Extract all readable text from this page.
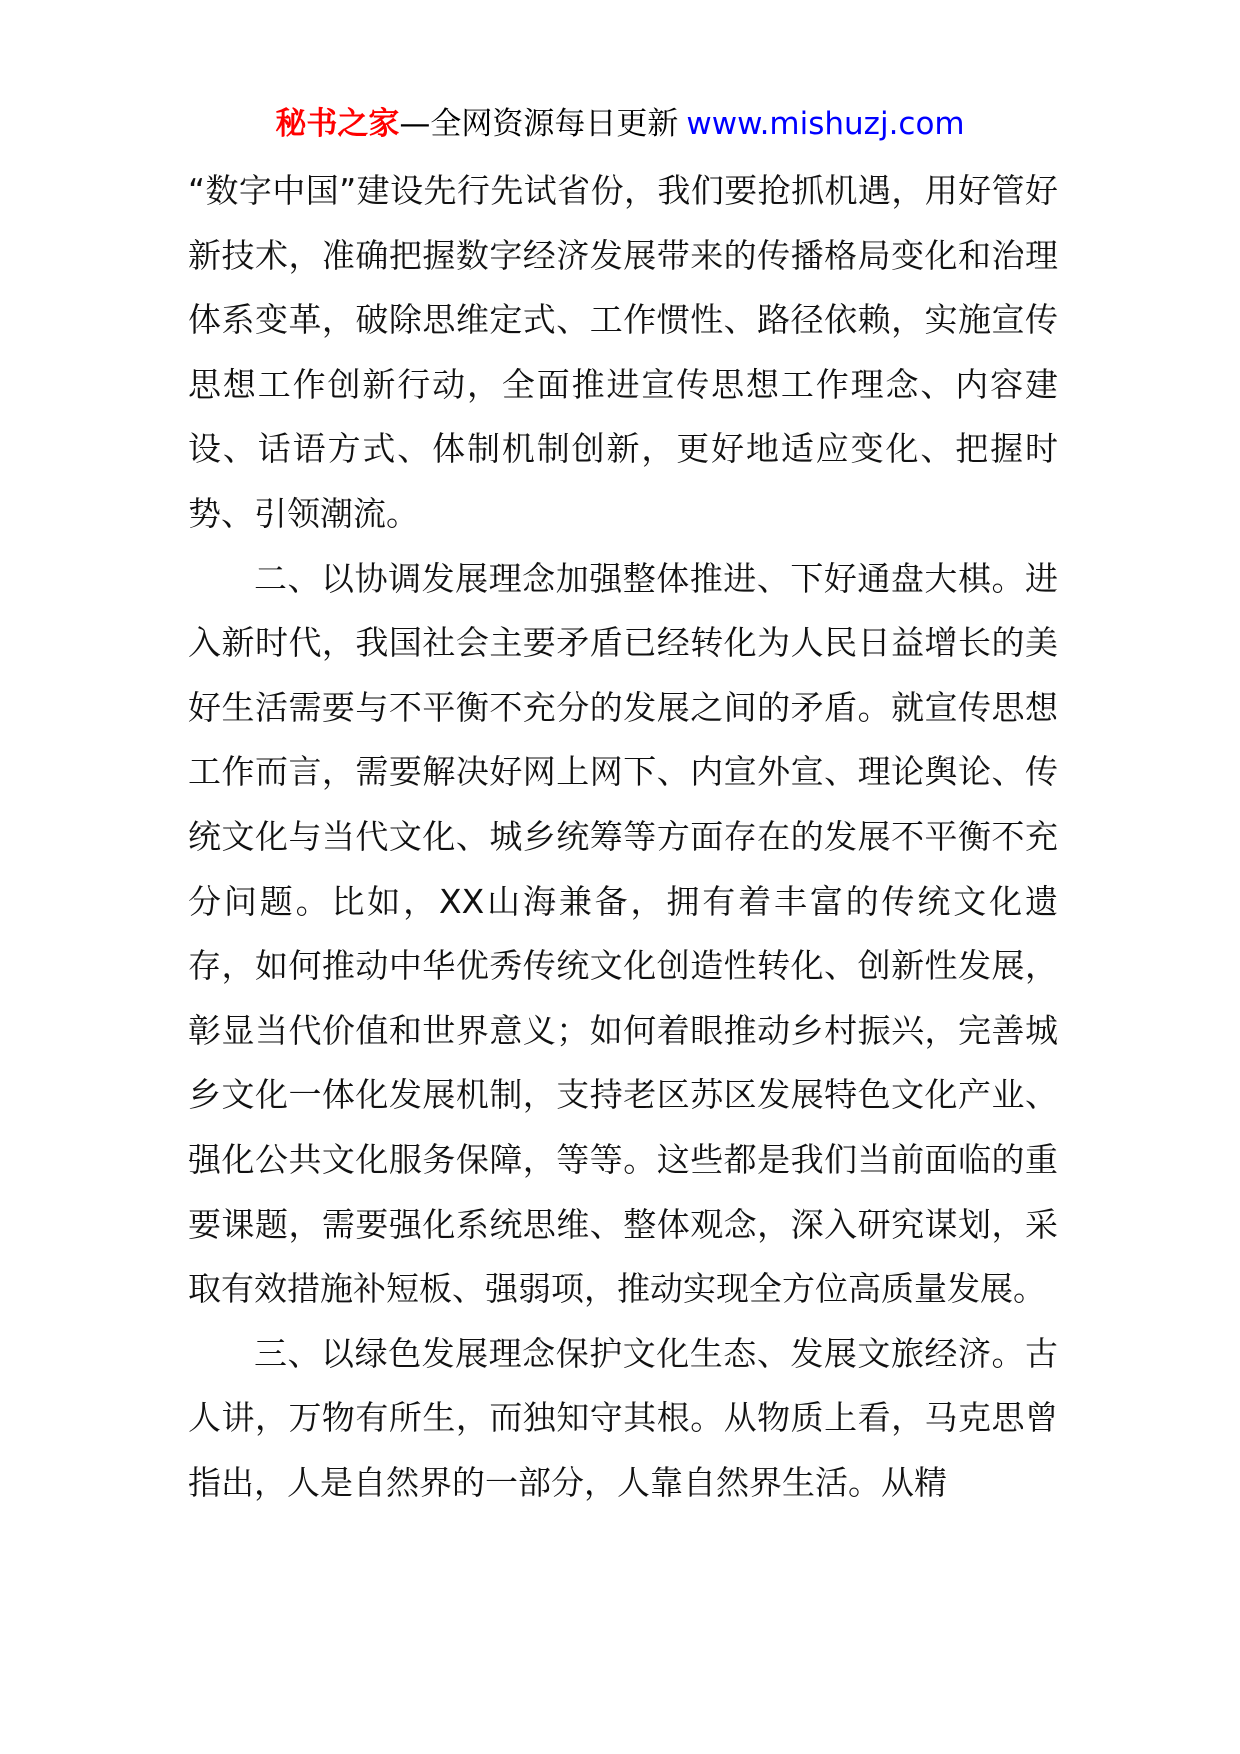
秘书之家—全网资源每日更新 www.mishuzj.com

“数字中国”建设先行先试省份，我们要抢抓机遇，用好管好新技术，准确把握数字经济发展带来的传播格局变化和治理体系变革，破除思维定式、工作惯性、路径依赖，实施宣传思想工作创新行动，全面推进宣传思想工作理念、内容建设、话语方式、体制机制创新，更好地适应变化、把握时势、引领潮流。

二、以协调发展理念加强整体推进、下好通盘大棋。进入新时代，我国社会主要矛盾已经转化为人民日益增长的美好生活需要与不平衡不充分的发展之间的矛盾。就宣传思想工作而言，需要解决好网上网下、内宣外宣、理论舆论、传统文化与当代文化、城乡统筹等方面存在的发展不平衡不充分问题。比如，XX山海兼备，拥有着丰富的传统文化遗存，如何推动中华优秀传统文化创造性转化、创新性发展，彰显当代价值和世界意义；如何着眼推动乡村振兴，完善城乡文化一体化发展机制，支持老区苏区发展特色文化产业、强化公共文化服务保障，等等。这些都是我们当前面临的重要课题，需要强化系统思维、整体观念，深入研究谋划，采取有效措施补短板、强弱项，推动实现全方位高质量发展。

三、以绿色发展理念保护文化生态、发展文旅经济。古人讲，万物有所生，而独知守其根。从物质上看，马克思曾指出，人是自然界的一部分，人靠自然界生活。从精
